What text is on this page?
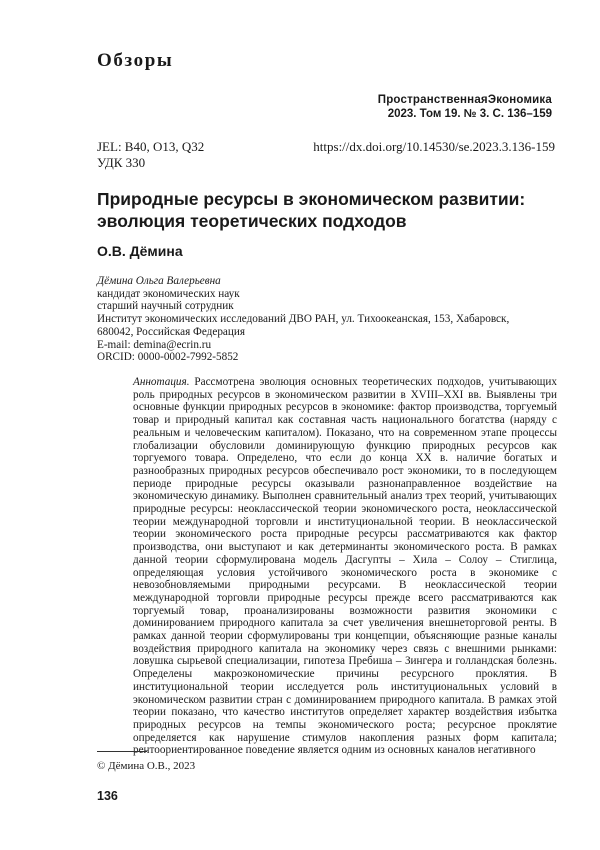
Обзоры
ПространственнаяЭкономика
2023. Том 19. № 3. С. 136–159
JEL: B40, O13, Q32
УДК 330
https://dx.doi.org/10.14530/se.2023.3.136-159
Природные ресурсы в экономическом развитии: эволюция теоретических подходов
О.В. Дёмина
Дёмина Ольга Валерьевна
кандидат экономических наук
старший научный сотрудник
Институт экономических исследований ДВО РАН, ул. Тихоокеанская, 153, Хабаровск,
680042, Российская Федерация
E-mail: demina@ecrin.ru
ORCID: 0000-0002-7992-5852
Аннотация. Рассмотрена эволюция основных теоретических подходов, учитывающих роль природных ресурсов в экономическом развитии в XVIII–XXI вв. Выявлены три основные функции природных ресурсов в экономике: фактор производства, торгуемый товар и природный капитал как составная часть национального богатства (наряду с реальным и человеческим капиталом). Показано, что на современном этапе процессы глобализации обусловили доминирующую функцию природных ресурсов как торгуемого товара. Определено, что если до конца XX в. наличие богатых и разнообразных природных ресурсов обеспечивало рост экономики, то в последующем периоде природные ресурсы оказывали разнонаправленное воздействие на экономическую динамику. Выполнен сравнительный анализ трех теорий, учитывающих природные ресурсы: неоклассической теории экономического роста, неоклассической теории международной торговли и институциональной теории. В неоклассической теории экономического роста природные ресурсы рассматриваются как фактор производства, они выступают и как детерминанты экономического роста. В рамках данной теории сформулирована модель Дасгупты – Хила – Солоу – Стиглица, определяющая условия устойчивого экономического роста в экономике с невозобновляемыми природными ресурсами. В неоклассической теории международной торговли природные ресурсы прежде всего рассматриваются как торгуемый товар, проанализированы возможности развития экономики с доминированием природного капитала за счет увеличения внешнеторговой ренты. В рамках данной теории сформулированы три концепции, объясняющие разные каналы воздействия природного капитала на экономику через связь с внешними рынками: ловушка сырьевой специализации, гипотеза Пребиша – Зингера и голландская болезнь. Определены макроэкономические причины ресурсного проклятия. В институциональной теории исследуется роль институциональных условий в экономическом развитии стран с доминированием природного капитала. В рамках этой теории показано, что качество институтов определяет характер воздействия избытка природных ресурсов на темпы экономического роста; ресурсное проклятие определяется как нарушение стимулов накопления разных форм капитала; рентоориентированное поведение является одним из основных каналов негативного
© Дёмина О.В., 2023
136
